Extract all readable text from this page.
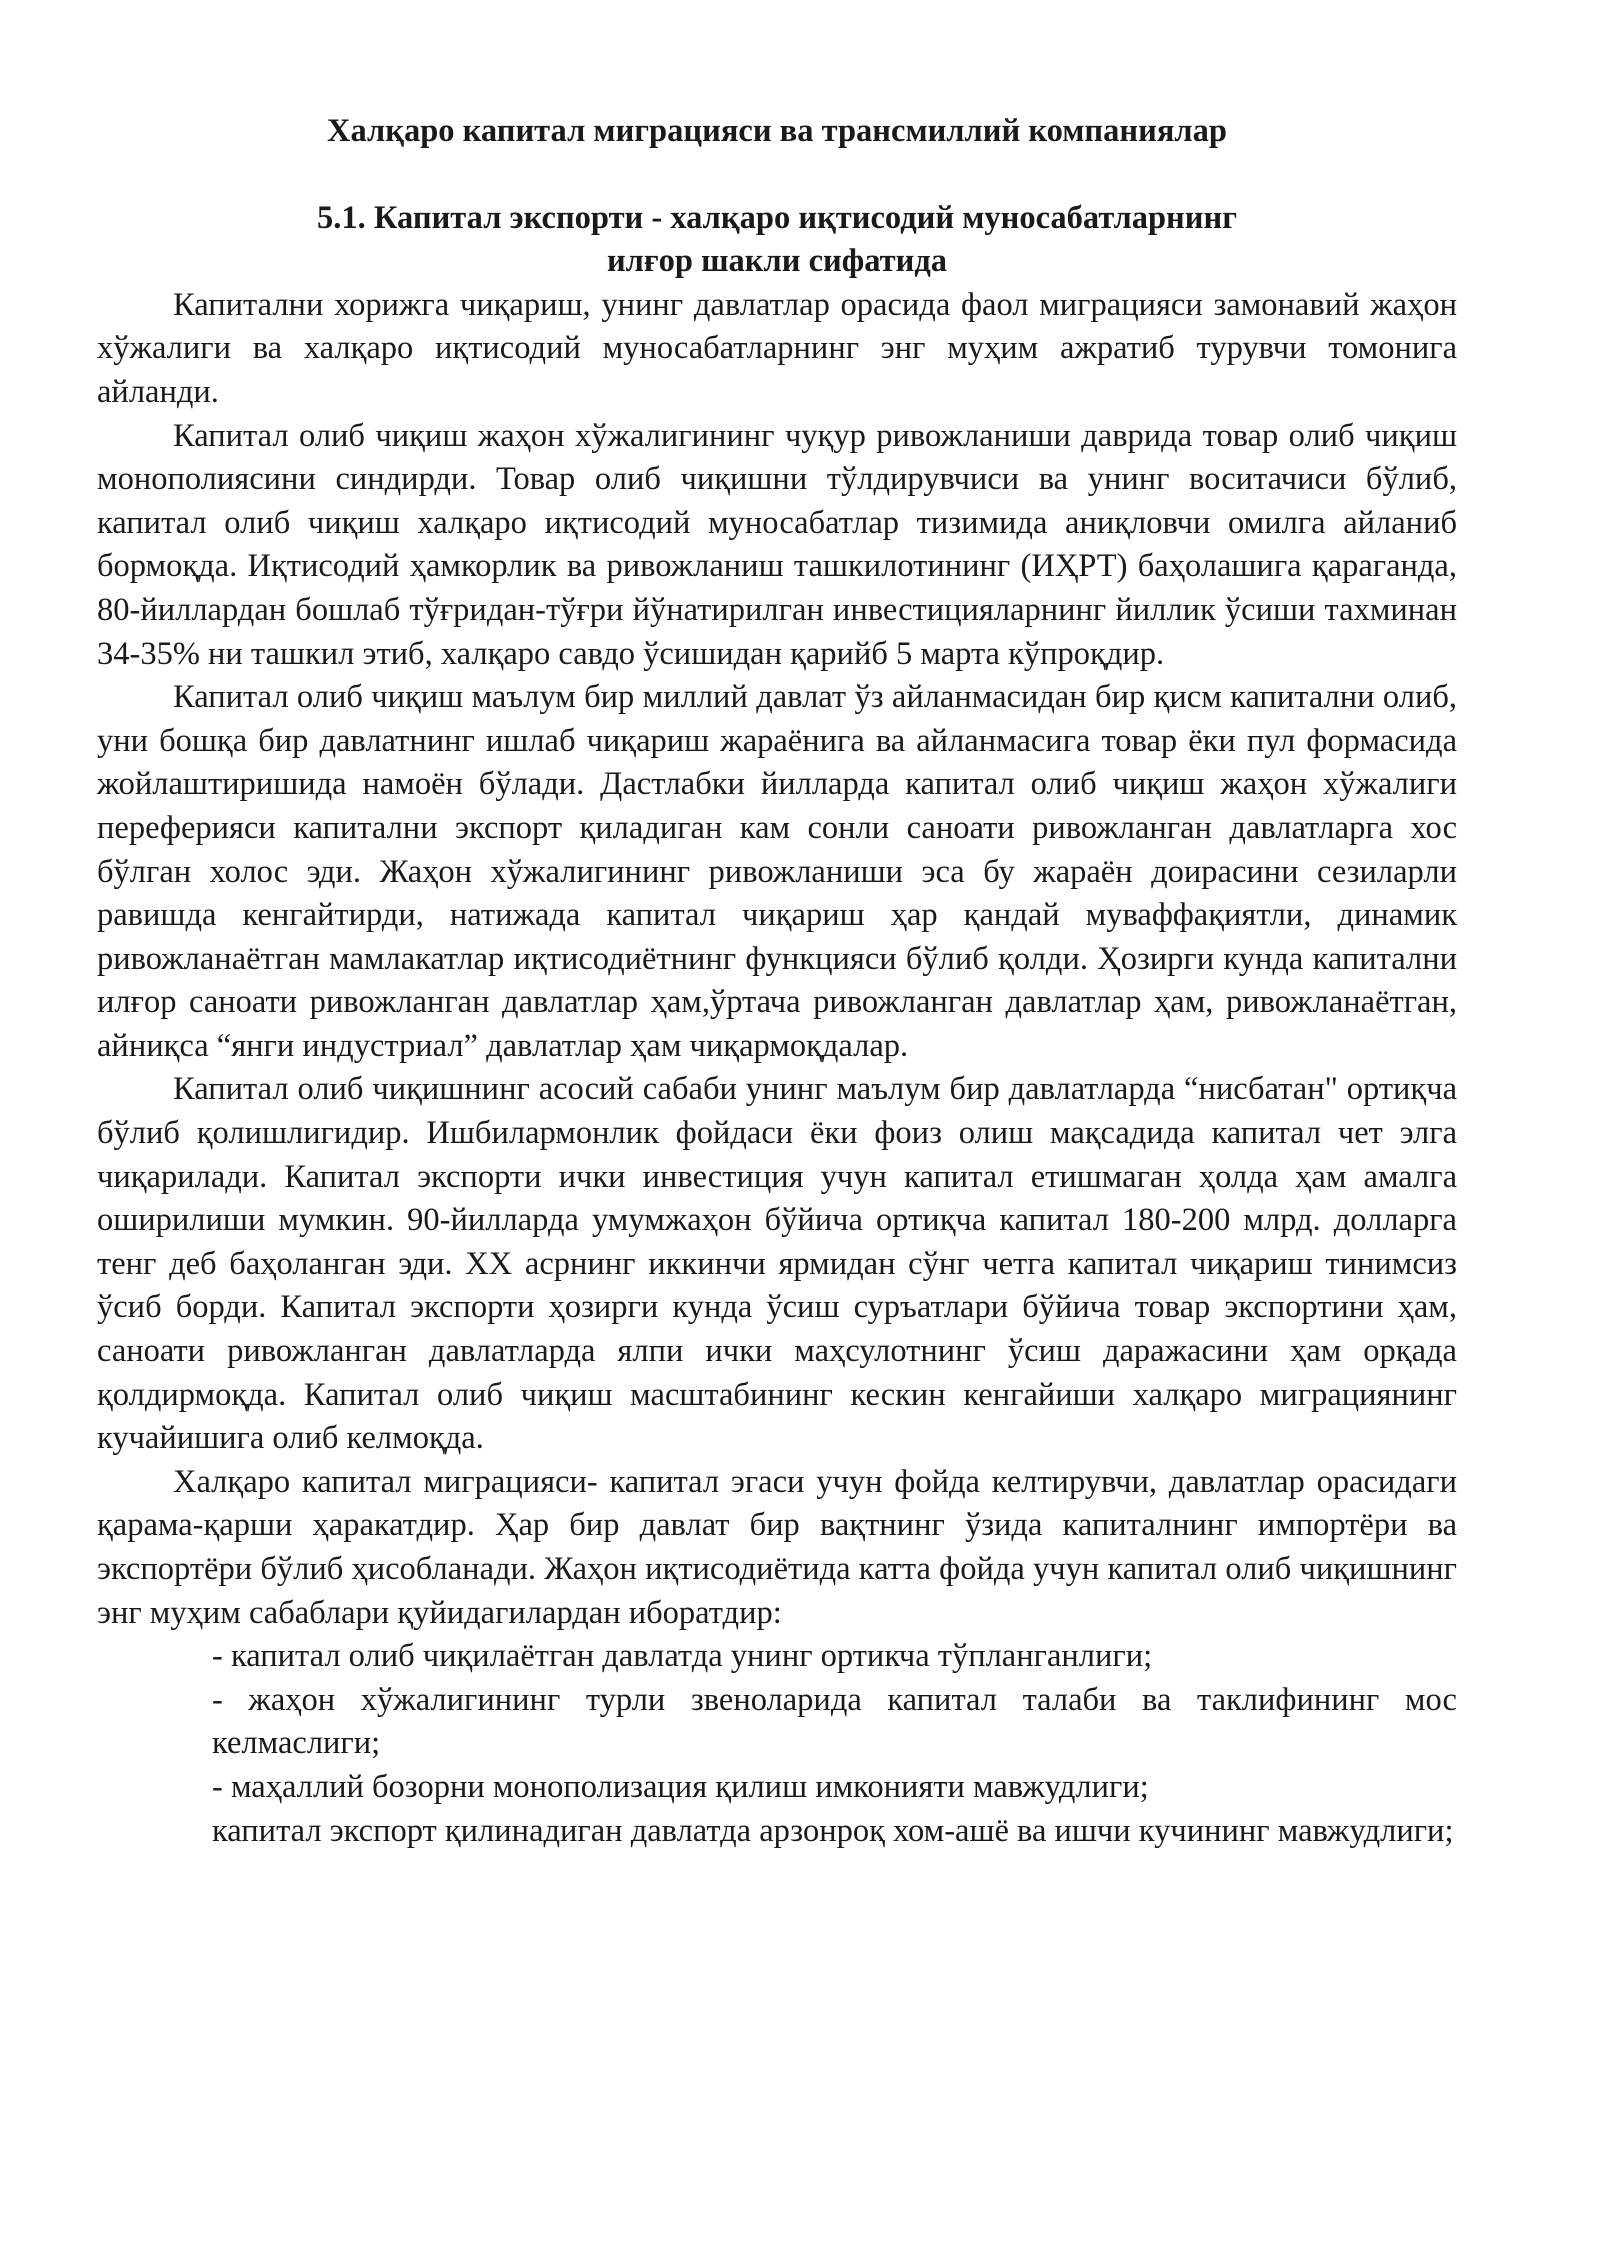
Халқаро капитал миграцияси ва трансмиллий компаниялар

5.1. Капитал экспорти - халқаро иқтисодий муносабатларнинг
илғор шакли сифатида

Капитални хорижга чиқариш, унинг давлатлар орасида фаол миграцияси замонавий жаҳон хўжалиги ва халқаро иқтисодий муносабатларнинг энг муҳим ажратиб турувчи томонига айланди.

Капитал олиб чиқиш жаҳон хўжалигининг чуқур ривожланиши даврида товар олиб чиқиш монополиясини синдирди. Товар олиб чиқишни тўлдирувчиси ва унинг воситачиси бўлиб, капитал олиб чиқиш халқаро иқтисодий муносабатлар тизимида аниқловчи омилга айланиб бормоқда. Иқтисодий ҳамкорлик ва ривожланиш ташкилотининг (ИҲРТ) баҳолашига қараганда, 80-йиллардан бошлаб тўғридан-тўғри йўнатирилган инвестицияларнинг йиллик ўсиши тахминан 34-35% ни ташкил этиб, халқаро савдо ўсишидан қарийб 5 марта кўпроқдир.

Капитал олиб чиқиш маълум бир миллий давлат ўз айланмасидан бир қисм капитални олиб, уни бошқа бир давлатнинг ишлаб чиқариш жараёнига ва айланмасига товар ёки пул формасида жойлаштиришида намоён бўлади. Дастлабки йилларда капитал олиб чиқиш жаҳон хўжалиги переферияси капитални экспорт қиладиган кам сонли саноати ривожланган давлатларга хос бўлган холос эди. Жаҳон хўжалигининг ривожланиши эса бу жараён доирасини сезиларли равишда кенгайтирди, натижада капитал чиқариш ҳар қандай муваффақиятли, динамик ривожланаётган мамлакатлар иқтисодиётнинг функцияси бўлиб қолди. Ҳозирги кунда капитални илғор саноати ривожланган давлатлар ҳам,ўртача ривожланган давлатлар ҳам, ривожланаётган, айниқса “янги индустриал” давлатлар ҳам чиқармоқдалар.

Капитал олиб чиқишнинг асосий сабаби унинг маълум бир давлатларда “нисбатан" ортиқча бўлиб қолишлигидир. Ишбилармонлик фойдаси ёки фоиз олиш мақсадида капитал чет элга чиқарилади. Капитал экспорти ички инвестиция учун капитал етишмаган ҳолда ҳам амалга оширилиши мумкин. 90-йилларда умумжаҳон бўйича ортиқча капитал 180-200 млрд. долларга тенг деб баҳоланган эди. ХХ асрнинг иккинчи ярмидан сўнг четга капитал чиқариш тинимсиз ўсиб борди. Капитал экспорти ҳозирги кунда ўсиш суръатлари бўйича товар экспортини ҳам, саноати ривожланган давлатларда ялпи ички маҳсулотнинг ўсиш даражасини ҳам орқада қолдирмоқда. Капитал олиб чиқиш масштабининг кескин кенгайиши халқаро миграциянинг кучайишига олиб келмоқда.

Халқаро капитал миграцияси- капитал эгаси учун фойда келтирувчи, давлатлар орасидаги қарама-қарши ҳаракатдир. Ҳар бир давлат бир вақтнинг ўзида капиталнинг импортёри ва экспортёри бўлиб ҳисобланади. Жаҳон иқтисодиётида катта фойда учун капитал олиб чиқишнинг энг муҳим сабаблари қуйидагилардан иборатдир:

- капитал олиб чиқилаётган давлатда унинг ортикча тўпланганлиги;
- жаҳон хўжалигининг турли звеноларида капитал талаби ва таклифининг мос келмаслиги;
- маҳаллий бозорни монополизация қилиш имконияти мавжудлиги;
капитал экспорт қилинадиган давлатда арзонроқ хом-ашё ва ишчи кучининг мавжудлиги;
